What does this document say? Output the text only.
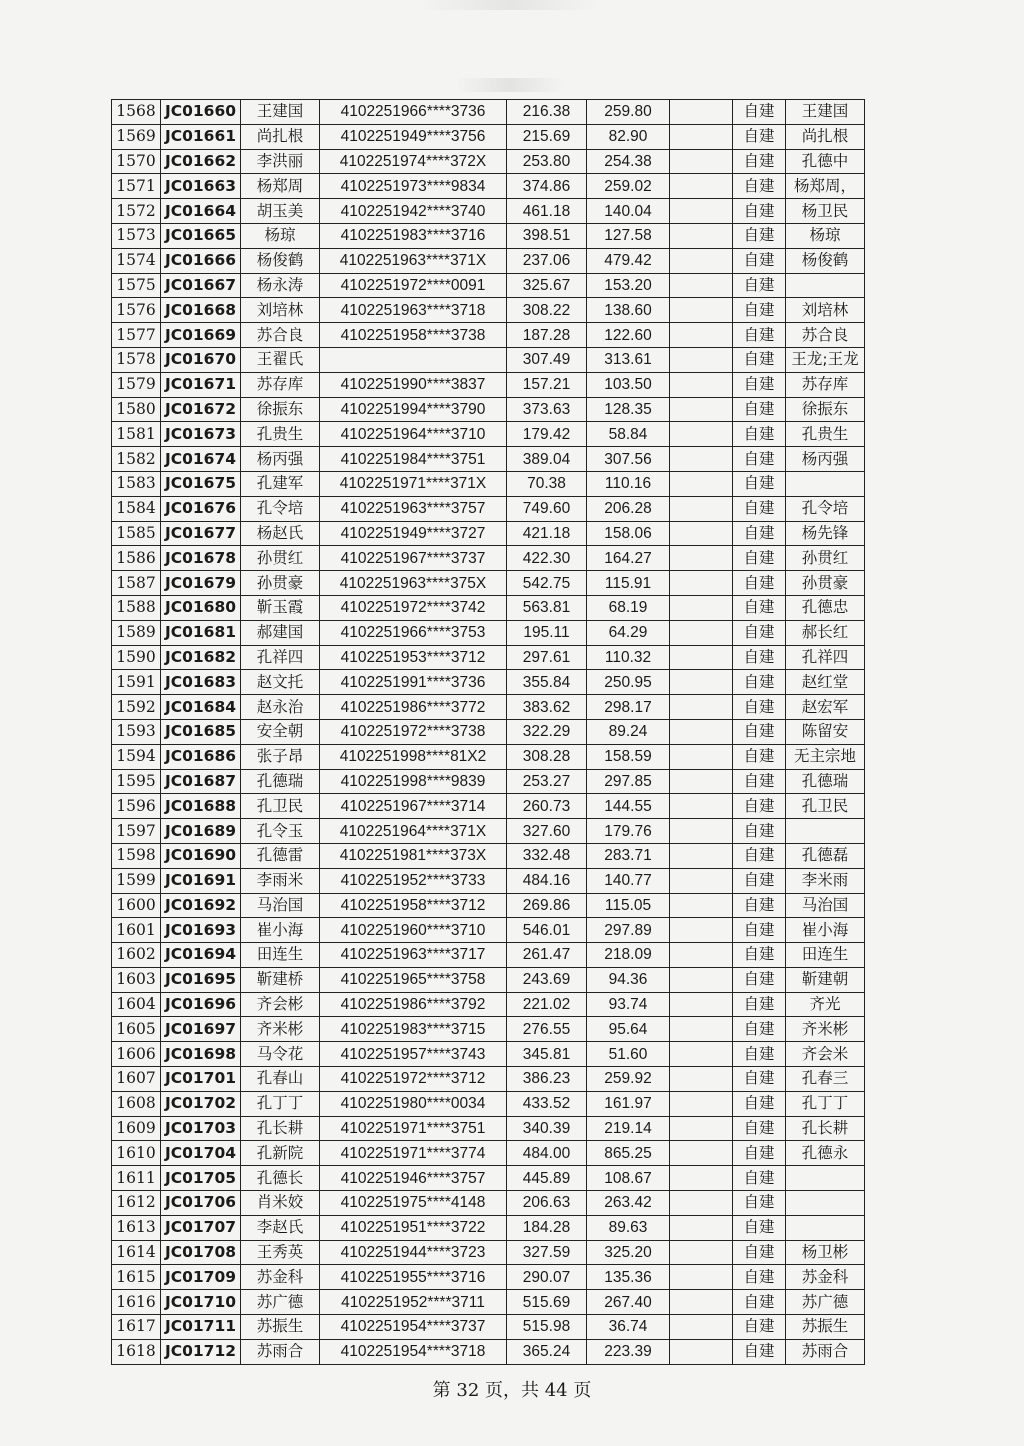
1568	JC01660	王建国	4102251966****3736	216.38	259.80		自建	王建国
1569	JC01661	尚扎根	4102251949****3756	215.69	82.90		自建	尚扎根
1570	JC01662	李洪丽	4102251974****372X	253.80	254.38		自建	孔德中
1571	JC01663	杨郑周	4102251973****9834	374.86	259.02		自建	杨郑周，
1572	JC01664	胡玉美	4102251942****3740	461.18	140.04		自建	杨卫民
1573	JC01665	杨琼	4102251983****3716	398.51	127.58		自建	杨琼
1574	JC01666	杨俊鹤	4102251963****371X	237.06	479.42		自建	杨俊鹤
1575	JC01667	杨永涛	4102251972****0091	325.67	153.20		自建	
1576	JC01668	刘培林	4102251963****3718	308.22	138.60		自建	刘培林
1577	JC01669	苏合良	4102251958****3738	187.28	122.60		自建	苏合良
1578	JC01670	王翟氏		307.49	313.61		自建	王龙;王龙
1579	JC01671	苏存库	4102251990****3837	157.21	103.50		自建	苏存库
1580	JC01672	徐振东	4102251994****3790	373.63	128.35		自建	徐振东
1581	JC01673	孔贵生	4102251964****3710	179.42	58.84		自建	孔贵生
1582	JC01674	杨丙强	4102251984****3751	389.04	307.56		自建	杨丙强
1583	JC01675	孔建军	4102251971****371X	70.38	110.16		自建	
1584	JC01676	孔令培	4102251963****3757	749.60	206.28		自建	孔令培
1585	JC01677	杨赵氏	4102251949****3727	421.18	158.06		自建	杨先锋
1586	JC01678	孙贯红	4102251967****3737	422.30	164.27		自建	孙贯红
1587	JC01679	孙贯豪	4102251963****375X	542.75	115.91		自建	孙贯豪
1588	JC01680	靳玉霞	4102251972****3742	563.81	68.19		自建	孔德忠
1589	JC01681	郝建国	4102251966****3753	195.11	64.29		自建	郝长红
1590	JC01682	孔祥四	4102251953****3712	297.61	110.32		自建	孔祥四
1591	JC01683	赵文托	4102251991****3736	355.84	250.95		自建	赵红堂
1592	JC01684	赵永治	4102251986****3772	383.62	298.17		自建	赵宏军
1593	JC01685	安全朝	4102251972****3738	322.29	89.24		自建	陈留安
1594	JC01686	张子昂	4102251998****81X2	308.28	158.59		自建	无主宗地
1595	JC01687	孔德瑞	4102251998****9839	253.27	297.85		自建	孔德瑞
1596	JC01688	孔卫民	4102251967****3714	260.73	144.55		自建	孔卫民
1597	JC01689	孔令玉	4102251964****371X	327.60	179.76		自建	
1598	JC01690	孔德雷	4102251981****373X	332.48	283.71		自建	孔德磊
1599	JC01691	李雨米	4102251952****3733	484.16	140.77		自建	李米雨
1600	JC01692	马治国	4102251958****3712	269.86	115.05		自建	马治国
1601	JC01693	崔小海	4102251960****3710	546.01	297.89		自建	崔小海
1602	JC01694	田连生	4102251963****3717	261.47	218.09		自建	田连生
1603	JC01695	靳建桥	4102251965****3758	243.69	94.36		自建	靳建朝
1604	JC01696	齐会彬	4102251986****3792	221.02	93.74		自建	齐光
1605	JC01697	齐米彬	4102251983****3715	276.55	95.64		自建	齐米彬
1606	JC01698	马令花	4102251957****3743	345.81	51.60		自建	齐会米
1607	JC01701	孔春山	4102251972****3712	386.23	259.92		自建	孔春三
1608	JC01702	孔丁丁	4102251980****0034	433.52	161.97		自建	孔丁丁
1609	JC01703	孔长耕	4102251971****3751	340.39	219.14		自建	孔长耕
1610	JC01704	孔新院	4102251971****3774	484.00	865.25		自建	孔德永
1611	JC01705	孔德长	4102251946****3757	445.89	108.67		自建	
1612	JC01706	肖米姣	4102251975****4148	206.63	263.42		自建	
1613	JC01707	李赵氏	4102251951****3722	184.28	89.63		自建	
1614	JC01708	王秀英	4102251944****3723	327.59	325.20		自建	杨卫彬
1615	JC01709	苏金科	4102251955****3716	290.07	135.36		自建	苏金科
1616	JC01710	苏广德	4102251952****3711	515.69	267.40		自建	苏广德
1617	JC01711	苏振生	4102251954****3737	515.98	36.74		自建	苏振生
1618	JC01712	苏雨合	4102251954****3718	365.24	223.39		自建	苏雨合
第 32 页，共 44 页
